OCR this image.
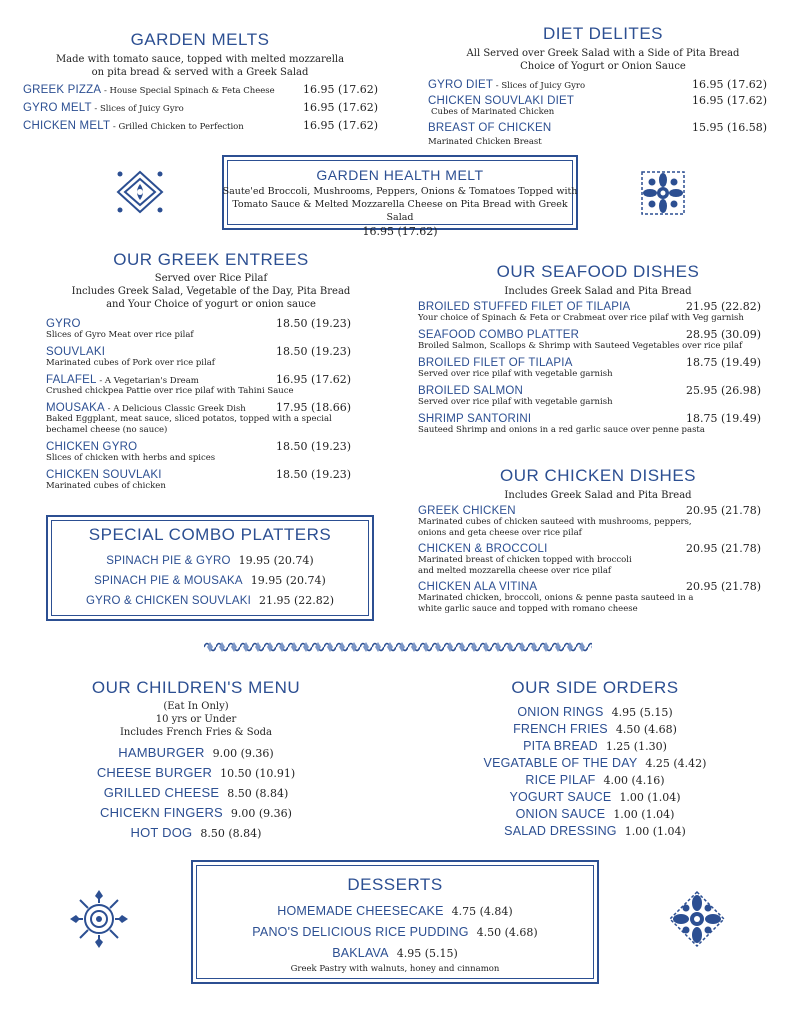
GARDEN MELTS
Made with tomato sauce, topped with melted mozzarella
on pita bread & served with a Greek Salad
GREEK PIZZA - House Special Spinach & Feta Cheese	16.95 (17.62)
GYRO MELT - Slices of Juicy Gyro	16.95 (17.62)
CHICKEN MELT - Grilled Chicken to Perfection	16.95 (17.62)
DIET DELITES
All Served over Greek Salad with a Side of Pita Bread
Choice of Yogurt or Onion Sauce
GYRO DIET - Slices of Juicy Gyro	16.95 (17.62)
CHICKEN SOUVLAKI DIET	16.95 (17.62)
Cubes of Marinated Chicken
BREAST OF CHICKEN	15.95 (16.58)
Marinated Chicken Breast
GARDEN HEALTH MELT
Saute'ed Broccoli, Mushrooms, Peppers, Onions & Tomatoes Topped with
Tomato Sauce & Melted Mozzarella Cheese on Pita Bread with Greek Salad
16.95 (17.62)
OUR GREEK ENTREES
Served over Rice Pilaf
Includes Greek Salad, Vegetable of the Day, Pita Bread
and Your Choice of yogurt or onion sauce
GYRO	18.50 (19.23)
Slices of Gyro Meat over rice pilaf
SOUVLAKI	18.50 (19.23)
Marinated cubes of Pork over rice pilaf
FALAFEL - A Vegetarian's Dream	16.95 (17.62)
Crushed chickpea Pattie over rice pilaf with Tahini Sauce
MOUSAKA - A Delicious Classic Greek Dish	17.95 (18.66)
Baked Eggplant, meat sauce, sliced potatos, topped with a special
bechamel cheese (no sauce)
CHICKEN GYRO	18.50 (19.23)
Slices of chicken with herbs and spices
CHICKEN SOUVLAKI	18.50 (19.23)
Marinated cubes of chicken
OUR SEAFOOD DISHES
Includes Greek Salad and Pita Bread
BROILED STUFFED FILET OF TILAPIA	21.95 (22.82)
Your choice of Spinach & Feta or Crabmeat over rice pilaf with Veg garnish
SEAFOOD COMBO PLATTER	28.95 (30.09)
Broiled Salmon, Scallops & Shrimp with Sauteed Vegetables over rice pilaf
BROILED FILET OF TILAPIA	18.75 (19.49)
Served over rice pilaf with vegetable garnish
BROILED SALMON	25.95 (26.98)
Served over rice pilaf with vegetable garnish
SHRIMP SANTORINI	18.75 (19.49)
Sauteed Shrimp and onions in a red garlic sauce over penne pasta
OUR CHICKEN DISHES
Includes Greek Salad and Pita Bread
GREEK CHICKEN	20.95 (21.78)
Marinated cubes of chicken sauteed with mushrooms, peppers,
onions and geta cheese over rice pilaf
CHICKEN & BROCCOLI	20.95 (21.78)
Marinated breast of chicken topped with broccoli
and melted mozzarella cheese over rice pilaf
CHICKEN ALA VITINA	20.95 (21.78)
Marinated chicken, broccoli, onions & penne pasta sauteed in a
white garlic sauce and topped with romano cheese
SPECIAL COMBO PLATTERS
SPINACH PIE & GYRO 19.95 (20.74)
SPINACH PIE & MOUSAKA 19.95 (20.74)
GYRO & CHICKEN SOUVLAKI 21.95 (22.82)
OUR CHILDREN'S MENU
(Eat In Only)
10 yrs or Under
Includes French Fries & Soda
HAMBURGER 9.00 (9.36)
CHEESE BURGER 10.50 (10.91)
GRILLED CHEESE 8.50 (8.84)
CHICEKN FINGERS 9.00 (9.36)
HOT DOG 8.50 (8.84)
OUR SIDE ORDERS
ONION RINGS 4.95 (5.15)
FRENCH FRIES 4.50 (4.68)
PITA BREAD 1.25 (1.30)
VEGATABLE OF THE DAY 4.25 (4.42)
RICE PILAF 4.00 (4.16)
YOGURT SAUCE 1.00 (1.04)
ONION SAUCE 1.00 (1.04)
SALAD DRESSING 1.00 (1.04)
DESSERTS
HOMEMADE CHEESECAKE 4.75 (4.84)
PANO'S DELICIOUS RICE PUDDING 4.50 (4.68)
BAKLAVA 4.95 (5.15)
Greek Pastry with walnuts, honey and cinnamon
